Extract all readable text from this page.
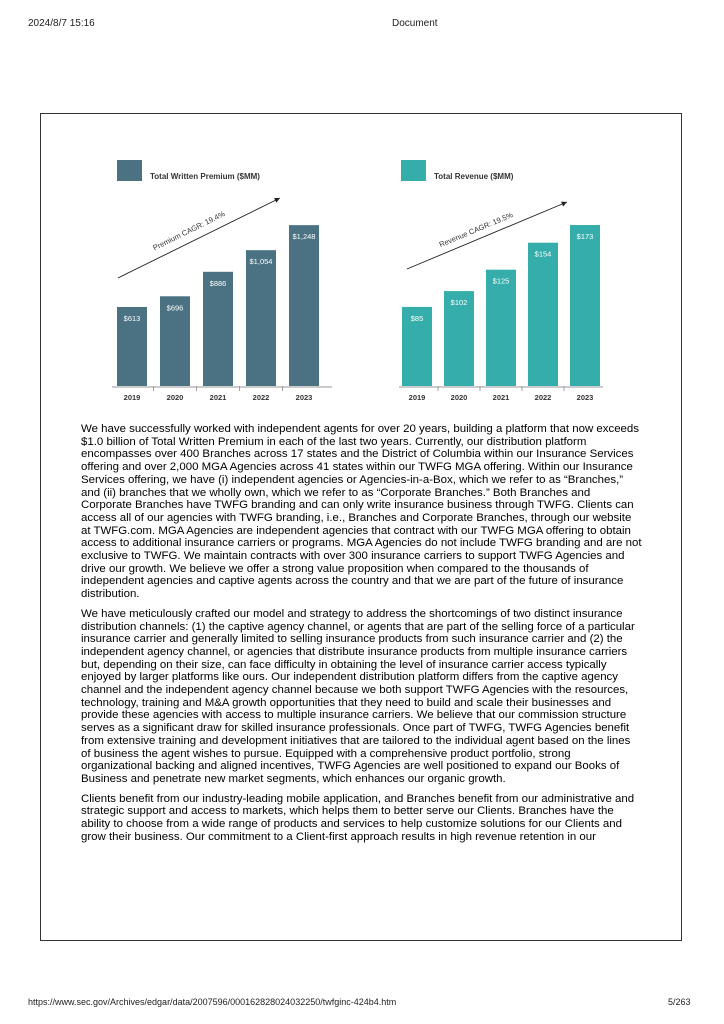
2024/8/7 15:16	Document
Total Written Premium ($MM)
$613
2019
$696
2020
$886
2021
$1,054
2022
$1,248
2023
Premium CAGR: 19.4%
Total Revenue ($MM)
$85
2019
$102
2020
$125
2021
$154
2022
$173
2023
Revenue CAGR: 19.5%

We have successfully worked with independent agents for over 20 years, building a platform that now exceeds $1.0 billion of Total Written Premium in each of the last two years. Currently, our distribution platform encompasses over 400 Branches across 17 states and the District of Columbia within our Insurance Services offering and over 2,000 MGA Agencies across 41 states within our TWFG MGA offering. Within our Insurance Services offering, we have (i) independent agencies or Agencies-in-a-Box, which we refer to as “Branches,” and (ii) branches that we wholly own, which we refer to as “Corporate Branches.” Both Branches and Corporate Branches have TWFG branding and can only write insurance business through TWFG. Clients can access all of our agencies with TWFG branding, i.e., Branches and Corporate Branches, through our website at TWFG.com. MGA Agencies are independent agencies that contract with our TWFG MGA offering to obtain access to additional insurance carriers or programs. MGA Agencies do not include TWFG branding and are not exclusive to TWFG. We maintain contracts with over 300 insurance carriers to support TWFG Agencies and drive our growth. We believe we offer a strong value proposition when compared to the thousands of independent agencies and captive agents across the country and that we are part of the future of insurance distribution.

We have meticulously crafted our model and strategy to address the shortcomings of two distinct insurance distribution channels: (1) the captive agency channel, or agents that are part of the selling force of a particular insurance carrier and generally limited to selling insurance products from such insurance carrier and (2) the independent agency channel, or agencies that distribute insurance products from multiple insurance carriers but, depending on their size, can face difficulty in obtaining the level of insurance carrier access typically enjoyed by larger platforms like ours. Our independent distribution platform differs from the captive agency channel and the independent agency channel because we both support TWFG Agencies with the resources, technology, training and M&A growth opportunities that they need to build and scale their businesses and provide these agencies with access to multiple insurance carriers. We believe that our commission structure serves as a significant draw for skilled insurance professionals. Once part of TWFG, TWFG Agencies benefit from extensive training and development initiatives that are tailored to the individual agent based on the lines of business the agent wishes to pursue. Equipped with a comprehensive product portfolio, strong organizational backing and aligned incentives, TWFG Agencies are well positioned to expand our Books of Business and penetrate new market segments, which enhances our organic growth.

Clients benefit from our industry-leading mobile application, and Branches benefit from our administrative and strategic support and access to markets, which helps them to better serve our Clients. Branches have the ability to choose from a wide range of products and services to help customize solutions for our Clients and grow their business. Our commitment to a Client-first approach results in high revenue retention in our

https://www.sec.gov/Archives/edgar/data/2007596/000162828024032250/twfginc-424b4.htm	5/263
